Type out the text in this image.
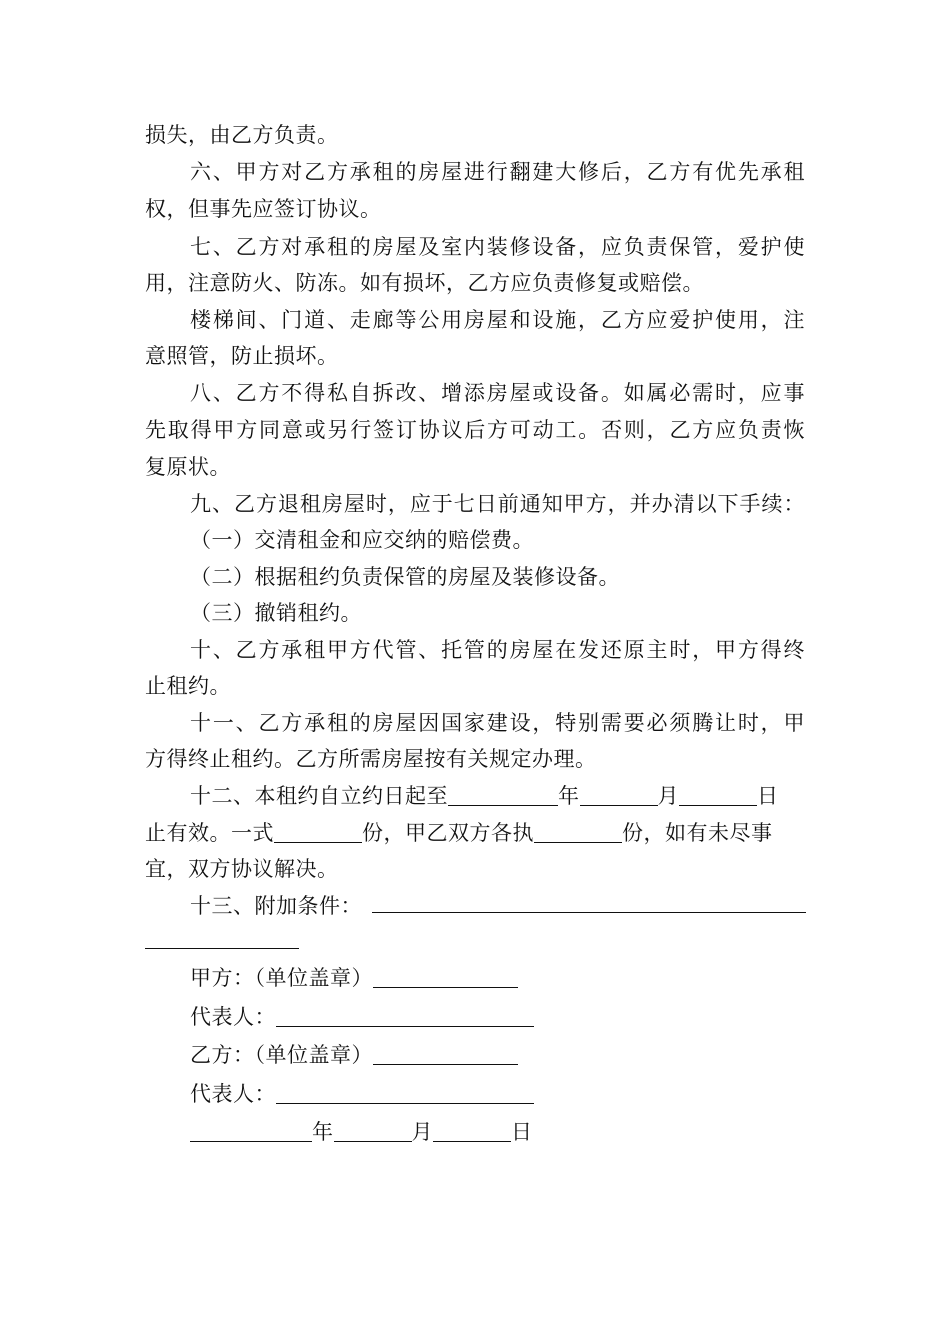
损失，由乙方负责。
六、甲方对乙方承租的房屋进行翻建大修后，乙方有优先承租
权，但事先应签订协议。
七、乙方对承租的房屋及室内装修设备，应负责保管，爱护使
用，注意防火、防冻。如有损坏，乙方应负责修复或赔偿。
楼梯间、门道、走廊等公用房屋和设施，乙方应爱护使用，注
意照管，防止损坏。
八、乙方不得私自拆改、增添房屋或设备。如属必需时，应事
先取得甲方同意或另行签订协议后方可动工。否则，乙方应负责恢
复原状。
九、乙方退租房屋时，应于七日前通知甲方，并办清以下手续：
（一）交清租金和应交纳的赔偿费。
（二）根据租约负责保管的房屋及装修设备。
（三）撤销租约。
十、乙方承租甲方代管、托管的房屋在发还原主时，甲方得终
止租约。
十一、乙方承租的房屋因国家建设，特别需要必须腾让时，甲
方得终止租约。乙方所需房屋按有关规定办理。
十二、本租约自立约日起至	年	月	日
止有效。一式	份，甲乙双方各执	份，如有未尽事
宜，双方协议解决。
十三、附加条件：
甲方：（单位盖章）
代表人：
乙方：（单位盖章）
代表人：
年	月	日
